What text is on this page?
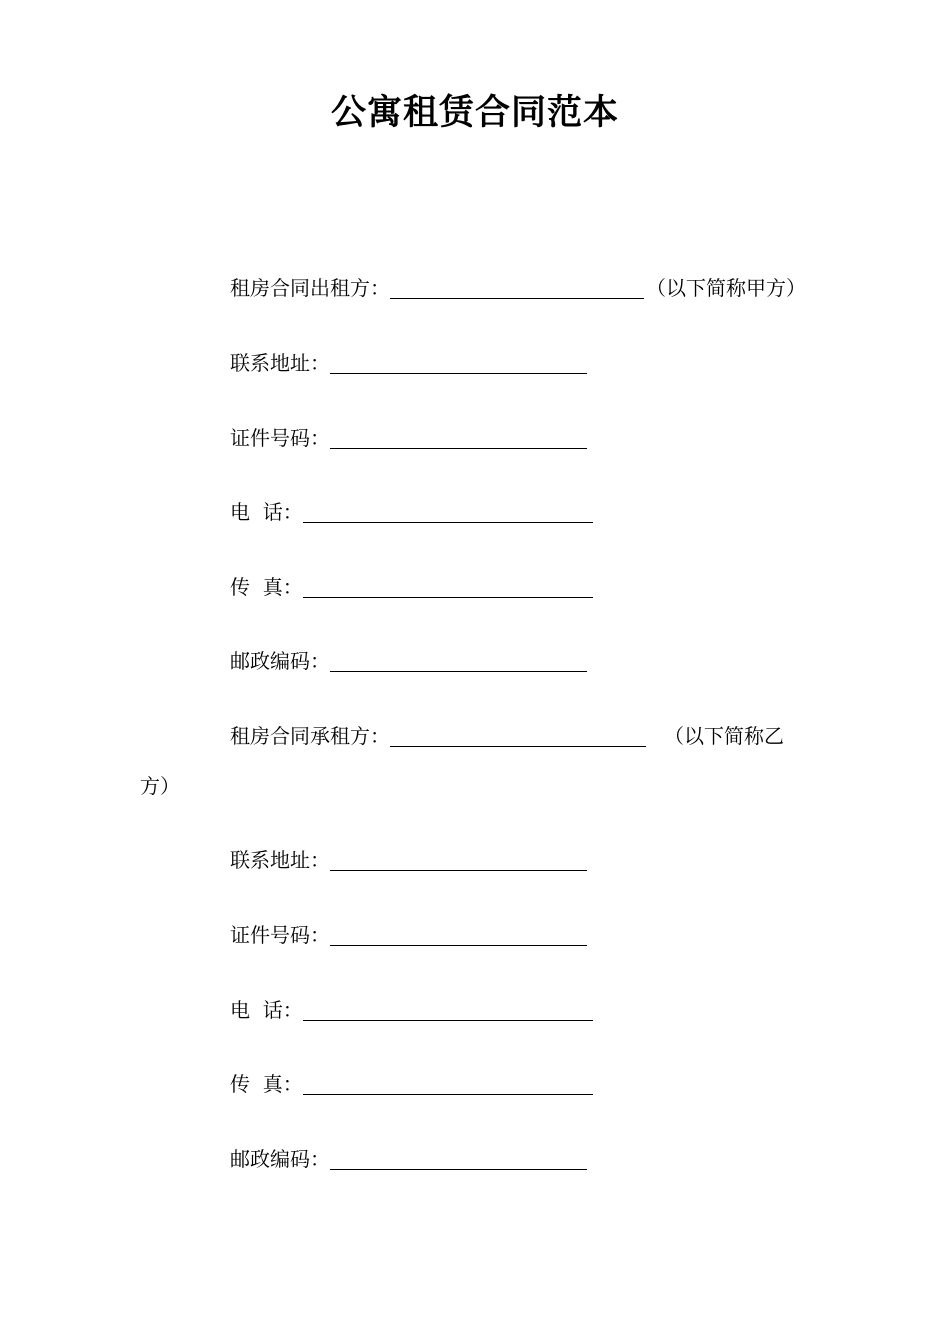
公寓租赁合同范本
租房合同出租方：	（以下简称甲方）
联系地址：
证件号码：
电  话：
传  真：
邮政编码：
租房合同承租方：	（以下简称乙
方）
联系地址：
证件号码：
电  话：
传  真：
邮政编码：
